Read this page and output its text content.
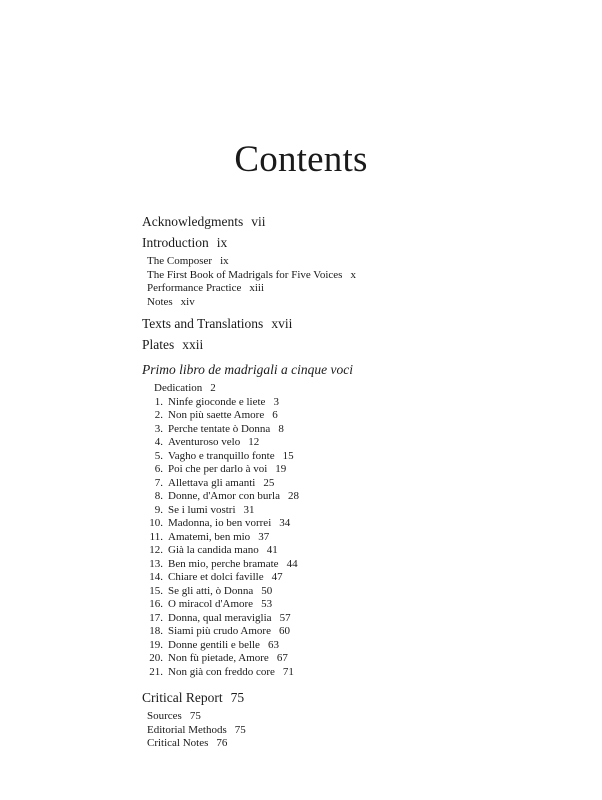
Contents
Acknowledgments vii
Introduction ix
The Composer ix
The First Book of Madrigals for Five Voices x
Performance Practice xiii
Notes xiv
Texts and Translations xvii
Plates xxii
Primo libro de madrigali a cinque voci
Dedication 2
1. Ninfe gioconde e liete 3
2. Non più saette Amore 6
3. Perche tentate ò Donna 8
4. Aventuroso velo 12
5. Vagho e tranquillo fonte 15
6. Poi che per darlo à voi 19
7. Allettava gli amanti 25
8. Donne, d'Amor con burla 28
9. Se i lumi vostri 31
10. Madonna, io ben vorrei 34
11. Amatemi, ben mio 37
12. Già la candida mano 41
13. Ben mio, perche bramate 44
14. Chiare et dolci faville 47
15. Se gli atti, ò Donna 50
16. O miracol d'Amore 53
17. Donna, qual meraviglia 57
18. Siami più crudo Amore 60
19. Donne gentili e belle 63
20. Non fù pietade, Amore 67
21. Non già con freddo core 71
Critical Report 75
Sources 75
Editorial Methods 75
Critical Notes 76
